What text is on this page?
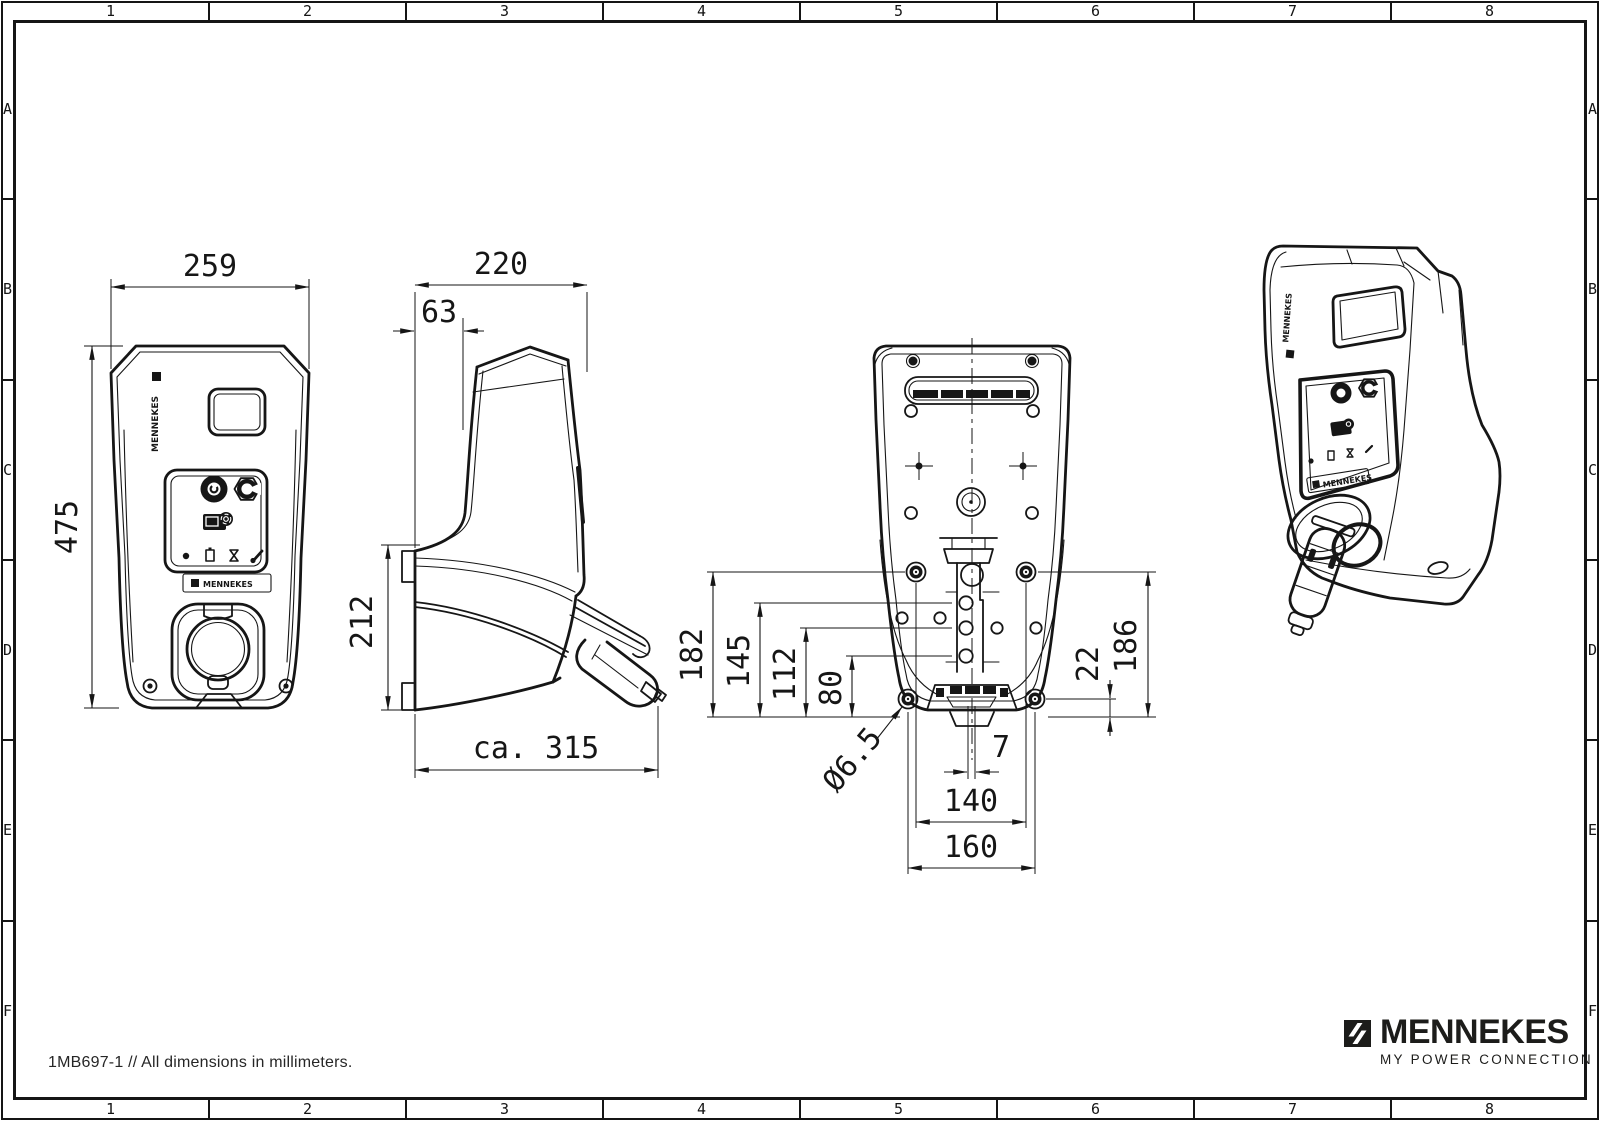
MENNEKES
MENNEKES
259
475
220
63
212
ca. 315
182 145 112 80
22 186
7
140
160
Ø6.5
MENNEKES
MENNEKES
1	2	3	4	5	6	7	8
1	2	3	4	5	6	7	8
A
B
C
D
E
F
A
B
C
D
E
F
1MB697-1 // All dimensions in millimeters.
MENNEKES
MY POWER CONNECTION
